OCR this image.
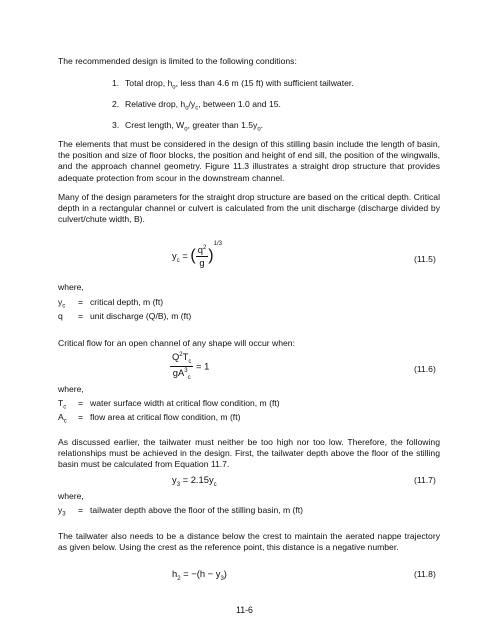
The recommended design is limited to the following conditions:
1. Total drop, $h_o$, less than 4.6 m (15 ft) with sufficient tailwater.
2. Relative drop, $h_o/y_c$, between 1.0 and 15.
3. Crest length, $W_o$, greater than $1.5y_o$.
The elements that must be considered in the design of this stilling basin include the length of basin, the position and size of floor blocks, the position and height of end sill, the position of the wingwalls, and the approach channel geometry. Figure 11.3 illustrates a straight drop structure that provides adequate protection from scour in the downstream channel.
Many of the design parameters for the straight drop structure are based on the critical depth. Critical depth in a rectangular channel or culvert is calculated from the unit discharge (discharge divided by culvert/chute width, B).
$y_c$ = ( $\frac{q^2}{g} )^{1/3}$
(11.5)
where,
$y_c$ = critical depth, m (ft)
q = unit discharge (Q/B), m (ft)
Critical flow for an open channel of any shape will occur when:
$\frac{Q^2T_c}{gA^3_c} = 1$	(11.6)
where,
$T_c$ = water surface width at critical flow condition, m (ft)
$A_c$ = flow area at critical flow condition, m (ft)
As discussed earlier, the tailwater must neither be too high nor too low. Therefore, the following relationships must be achieved in the design. First, the tailwater depth above the floor of the stilling basin must be calculated from Equation 11.7.
$y_3 = 2.15y_c$	(11.7)
where,
$y_3$ = tailwater depth above the floor of the stilling basin, m (ft)
The tailwater also needs to be a distance below the crest to maintain the aerated nappe trajectory as given below. Using the crest as the reference point, this distance is a negative number.
$h_2 = -(h - y_3)$	(11.8)
11-6
